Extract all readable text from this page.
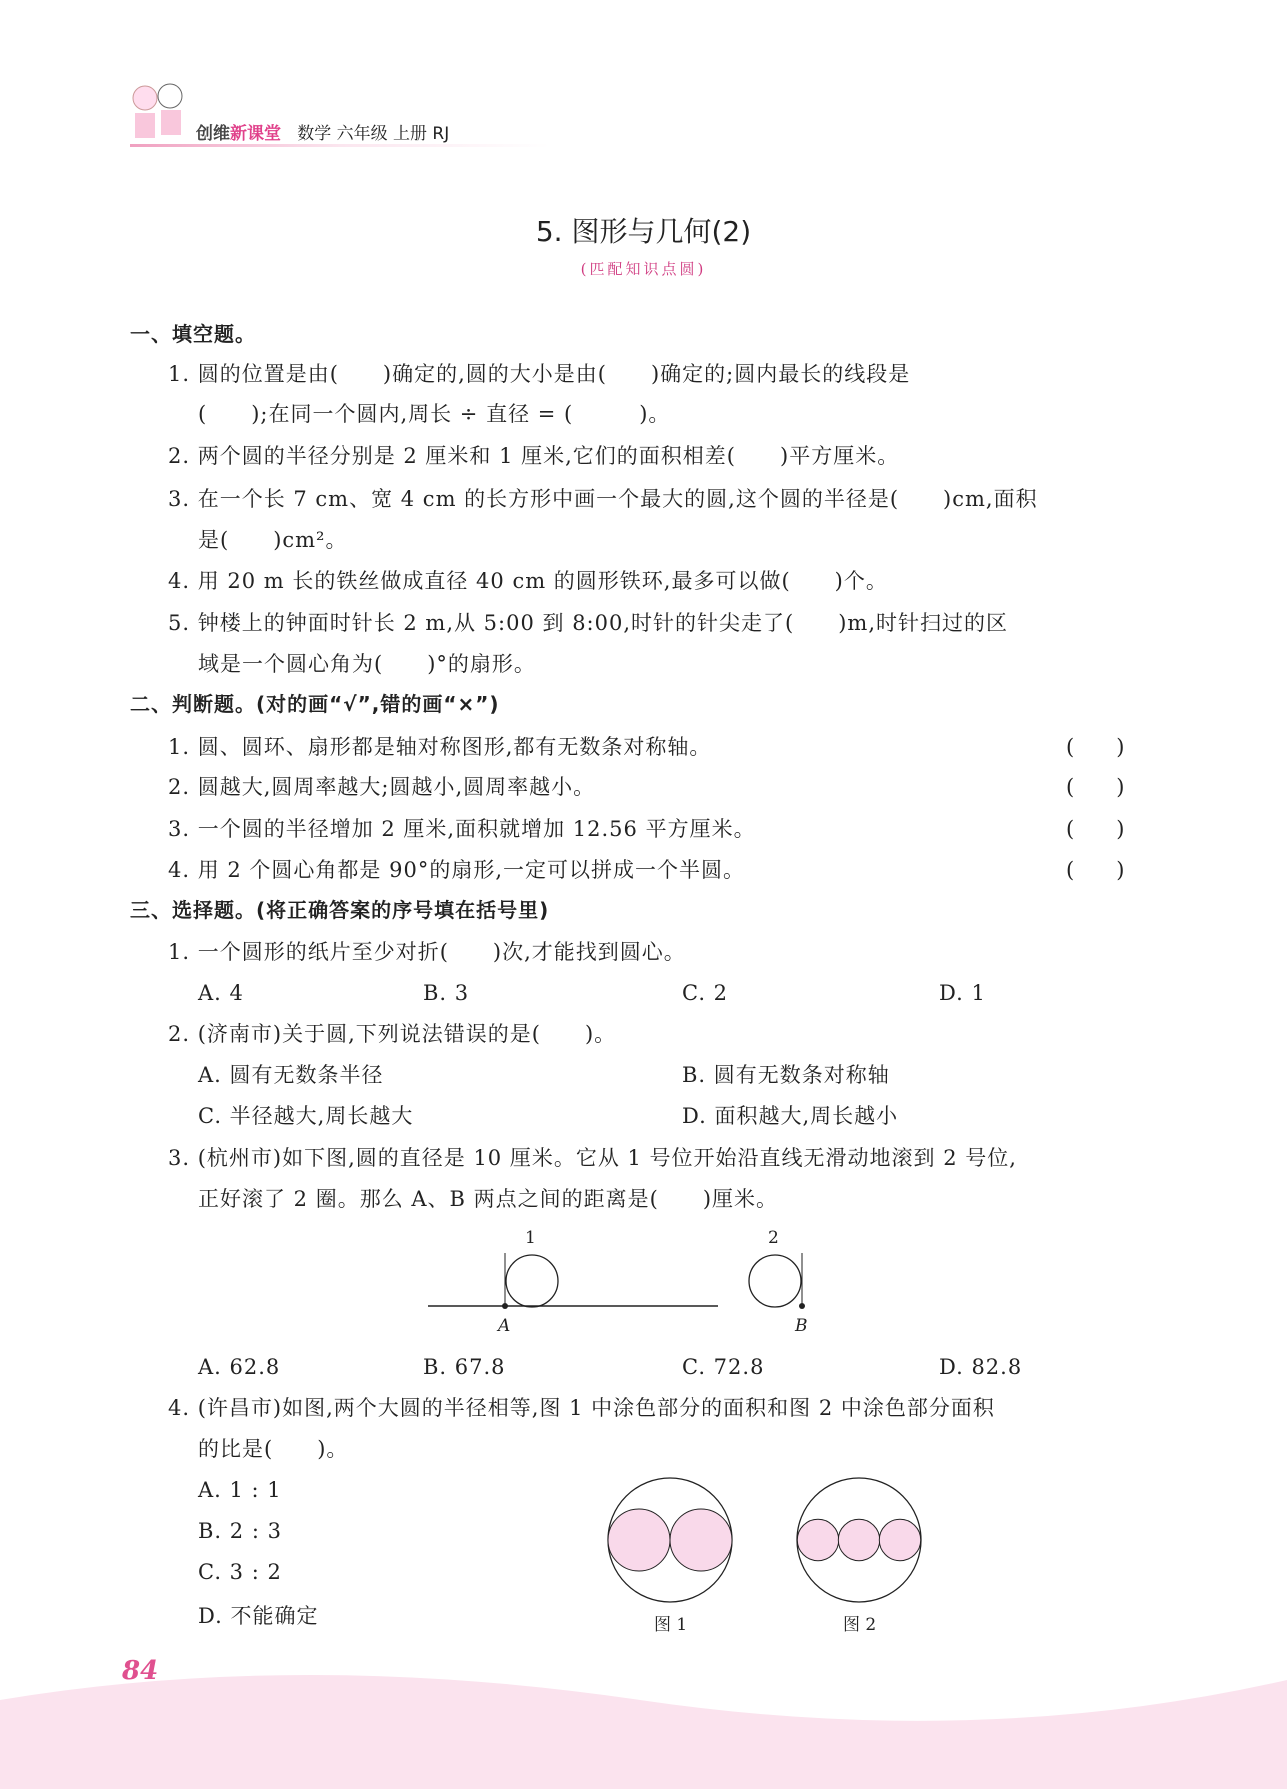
创维新课堂 数学 六年级 上册 RJ
5. 图形与几何(2)
(匹配知识点圆)
一、填空题。
1. 圆的位置是由(　　)确定的,圆的大小是由(　　)确定的;圆内最长的线段是
(　　);在同一个圆内,周长 ÷ 直径 = (　　　)。
2. 两个圆的半径分别是 2 厘米和 1 厘米,它们的面积相差(　　)平方厘米。
3. 在一个长 7 cm、宽 4 cm 的长方形中画一个最大的圆,这个圆的半径是(　　)cm,面积
是(　　)cm²。
4. 用 20 m 长的铁丝做成直径 40 cm 的圆形铁环,最多可以做(　　)个。
5. 钟楼上的钟面时针长 2 m,从 5:00 到 8:00,时针的针尖走了(　　)m,时针扫过的区
域是一个圆心角为(　　)°的扇形。
二、判断题。(对的画“√”,错的画“×”)
1. 圆、圆环、扇形都是轴对称图形,都有无数条对称轴。	(　　)
2. 圆越大,圆周率越大;圆越小,圆周率越小。	(　　)
3. 一个圆的半径增加 2 厘米,面积就增加 12.56 平方厘米。	(　　)
4. 用 2 个圆心角都是 90°的扇形,一定可以拼成一个半圆。	(　　)
三、选择题。(将正确答案的序号填在括号里)
1. 一个圆形的纸片至少对折(　　)次,才能找到圆心。
A. 4	B. 3	C. 2	D. 1
2. (济南市)关于圆,下列说法错误的是(　　)。
A. 圆有无数条半径	B. 圆有无数条对称轴
C. 半径越大,周长越大	D. 面积越大,周长越小
3. (杭州市)如下图,圆的直径是 10 厘米。它从 1 号位开始沿直线无滑动地滚到 2 号位,
正好滚了 2 圈。那么 A、B 两点之间的距离是(　　)厘米。
1	2
A	B
A. 62.8	B. 67.8	C. 72.8	D. 82.8
4. (许昌市)如图,两个大圆的半径相等,图 1 中涂色部分的面积和图 2 中涂色部分面积
的比是(　　)。
A. 1 : 1
B. 2 : 3
C. 3 : 2
D. 不能确定	图 1	图 2
84
